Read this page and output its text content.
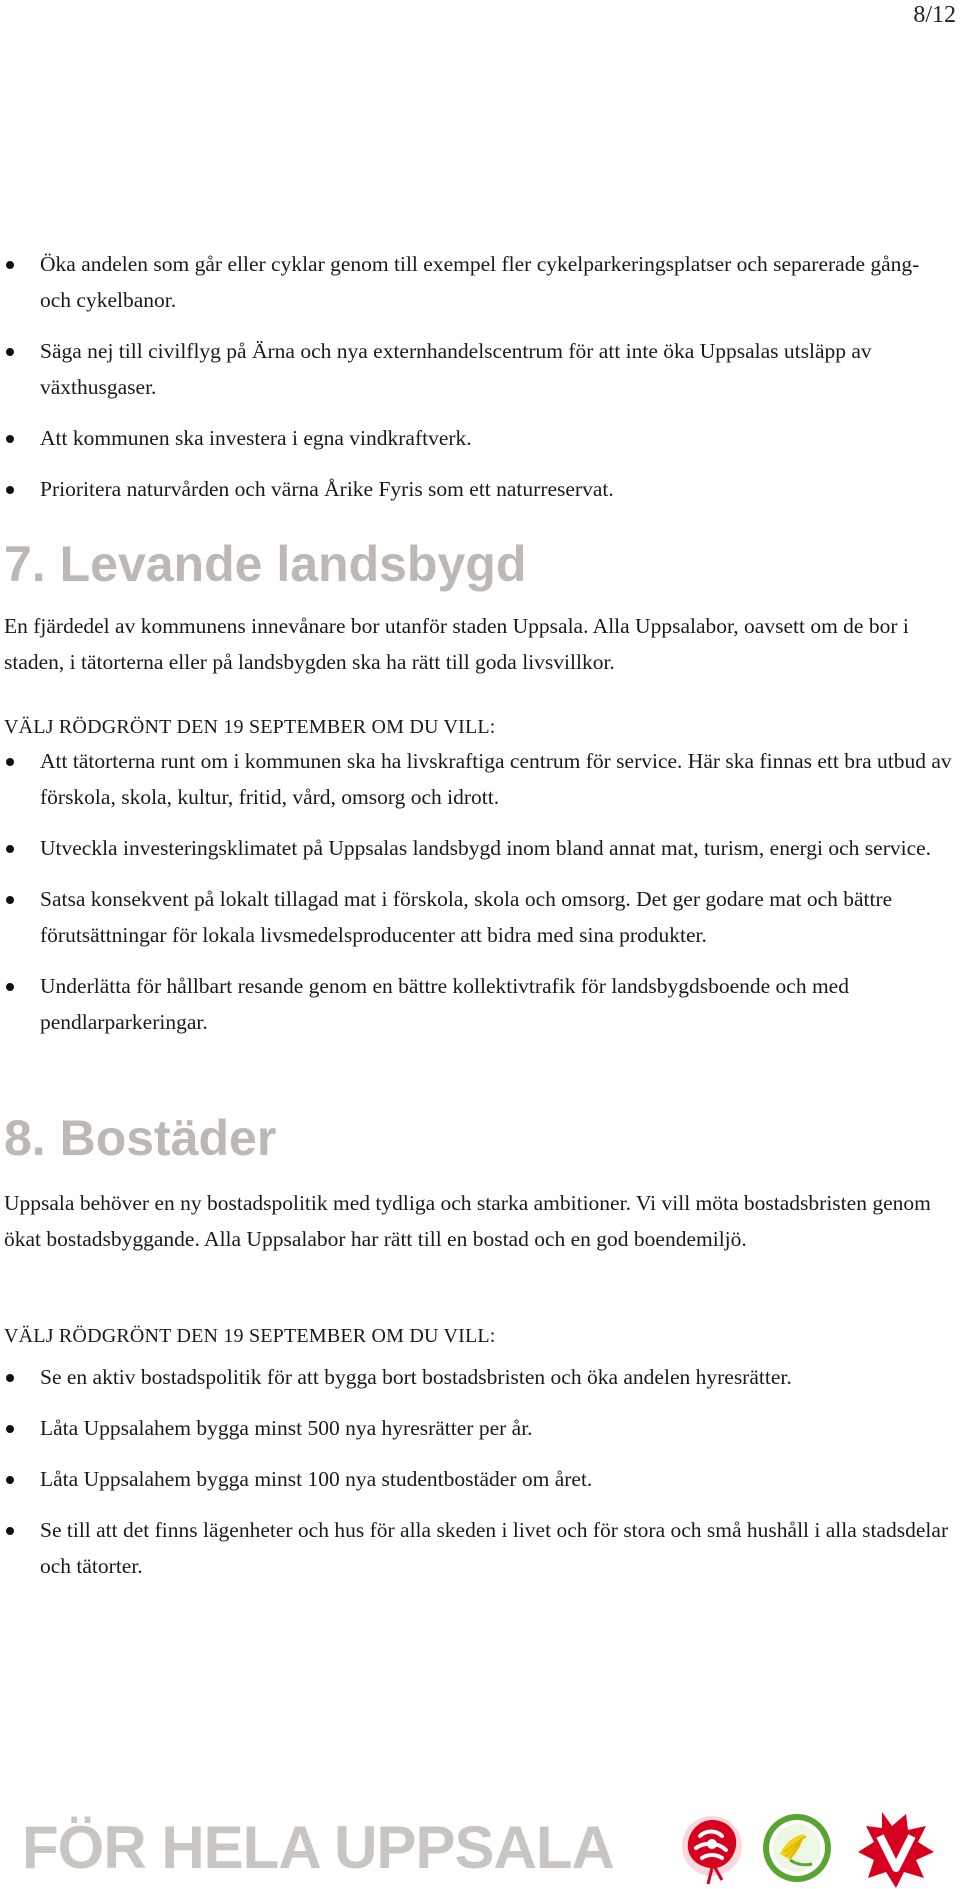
8/12
Öka andelen som går eller cyklar genom till exempel fler cykelparkeringsplatser och separerade gång- och cykelbanor.
Säga nej till civilflyg på Ärna och nya externhandelscentrum för att inte öka Uppsalas utsläpp av växthusgaser.
Att kommunen ska investera i egna vindkraftverk.
Prioritera naturvården och värna Årike Fyris som ett naturreservat.
7. Levande landsbygd

En fjärdedel av kommunens innevånare bor utanför staden Uppsala. Alla Uppsalabor, oavsett om de bor i staden, i tätorterna eller på landsbygden ska ha rätt till goda livsvillkor.

VÄLJ RÖDGRÖNT DEN 19 SEPTEMBER OM DU VILL:

Att tätorterna runt om i kommunen ska ha livskraftiga centrum för service. Här ska finnas ett bra utbud av förskola, skola, kultur, fritid, vård, omsorg och idrott.
Utveckla investeringsklimatet på Uppsalas landsbygd inom bland annat mat, turism, energi och service.
Satsa konsekvent på lokalt tillagad mat i förskola, skola och omsorg. Det ger godare mat och bättre förutsättningar för lokala livsmedelsproducenter att bidra med sina produkter.
Underlätta för hållbart resande genom en bättre kollektivtrafik för landsbygdsboende och med pendlarparkeringar.
8. Bostäder

Uppsala behöver en ny bostadspolitik med tydliga och starka ambitioner. Vi vill möta bostadsbristen genom ökat bostadsbyggande. Alla Uppsalabor har rätt till en bostad och en god boendemiljö.

VÄLJ RÖDGRÖNT DEN 19 SEPTEMBER OM DU VILL:

Se en aktiv bostadspolitik för att bygga bort bostadsbristen och öka andelen hyresrätter.
Låta Uppsalahem bygga minst 500 nya hyresrätter per år.
Låta Uppsalahem bygga minst 100 nya studentbostäder om året.
Se till att det finns lägenheter och hus för alla skeden i livet och för stora och små hushåll i alla stadsdelar och tätorter.
FÖR HELA UPPSALA
